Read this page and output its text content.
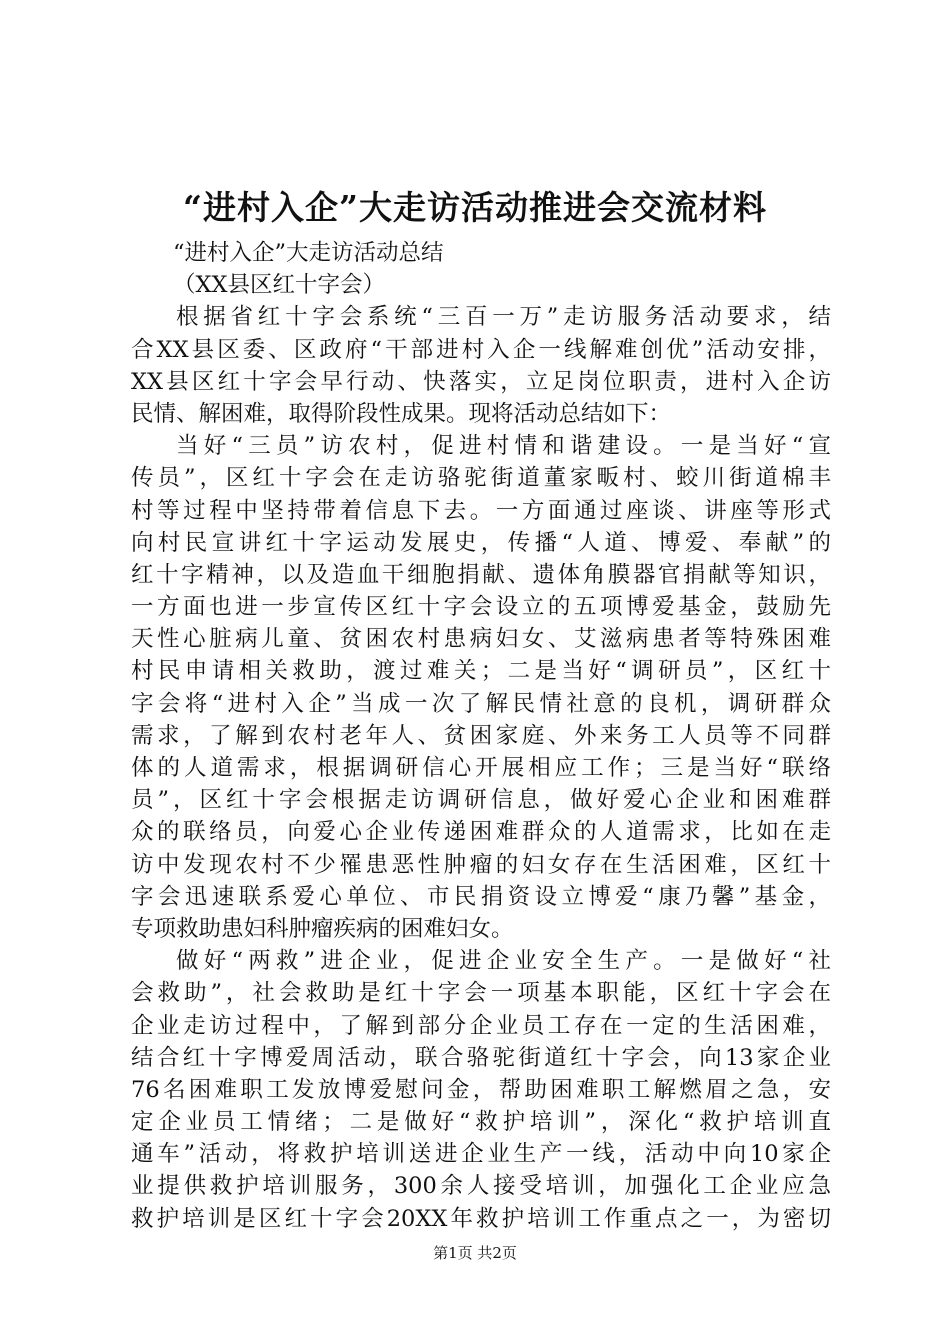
“进村入企”大走访活动推进会交流材料
“进村入企”大走访活动总结
（XX县区红十字会）
根据省红十字会系统“三百一万”走访服务活动要求，结
合XX县区委、区政府“干部进村入企一线解难创优”活动安排，
XX县区红十字会早行动、快落实，立足岗位职责，进村入企访
民情、解困难，取得阶段性成果。现将活动总结如下：
当好“三员”访农村，促进村情和谐建设。一是当好“宣
传员”，区红十字会在走访骆驼街道董家畈村、蛟川街道棉丰
村等过程中坚持带着信息下去。一方面通过座谈、讲座等形式
向村民宣讲红十字运动发展史，传播“人道、博爱、奉献”的
红十字精神，以及造血干细胞捐献、遗体角膜器官捐献等知识，
一方面也进一步宣传区红十字会设立的五项博爱基金，鼓励先
天性心脏病儿童、贫困农村患病妇女、艾滋病患者等特殊困难
村民申请相关救助，渡过难关；二是当好“调研员”，区红十
字会将“进村入企”当成一次了解民情社意的良机，调研群众
需求，了解到农村老年人、贫困家庭、外来务工人员等不同群
体的人道需求，根据调研信心开展相应工作；三是当好“联络
员”，区红十字会根据走访调研信息，做好爱心企业和困难群
众的联络员，向爱心企业传递困难群众的人道需求，比如在走
访中发现农村不少罹患恶性肿瘤的妇女存在生活困难，区红十
字会迅速联系爱心单位、市民捐资设立博爱“康乃馨”基金，
专项救助患妇科肿瘤疾病的困难妇女。
做好“两救”进企业，促进企业安全生产。一是做好“社
会救助”，社会救助是红十字会一项基本职能，区红十字会在
企业走访过程中，了解到部分企业员工存在一定的生活困难，
结合红十字博爱周活动，联合骆驼街道红十字会，向13家企业
76名困难职工发放博爱慰问金，帮助困难职工解燃眉之急，安
定企业员工情绪；二是做好“救护培训”，深化“救护培训直
通车”活动，将救护培训送进企业生产一线，活动中向10家企
业提供救护培训服务，300余人接受培训，加强化工企业应急
救护培训是区红十字会20XX年救护培训工作重点之一，为密切
第1页 共2页
